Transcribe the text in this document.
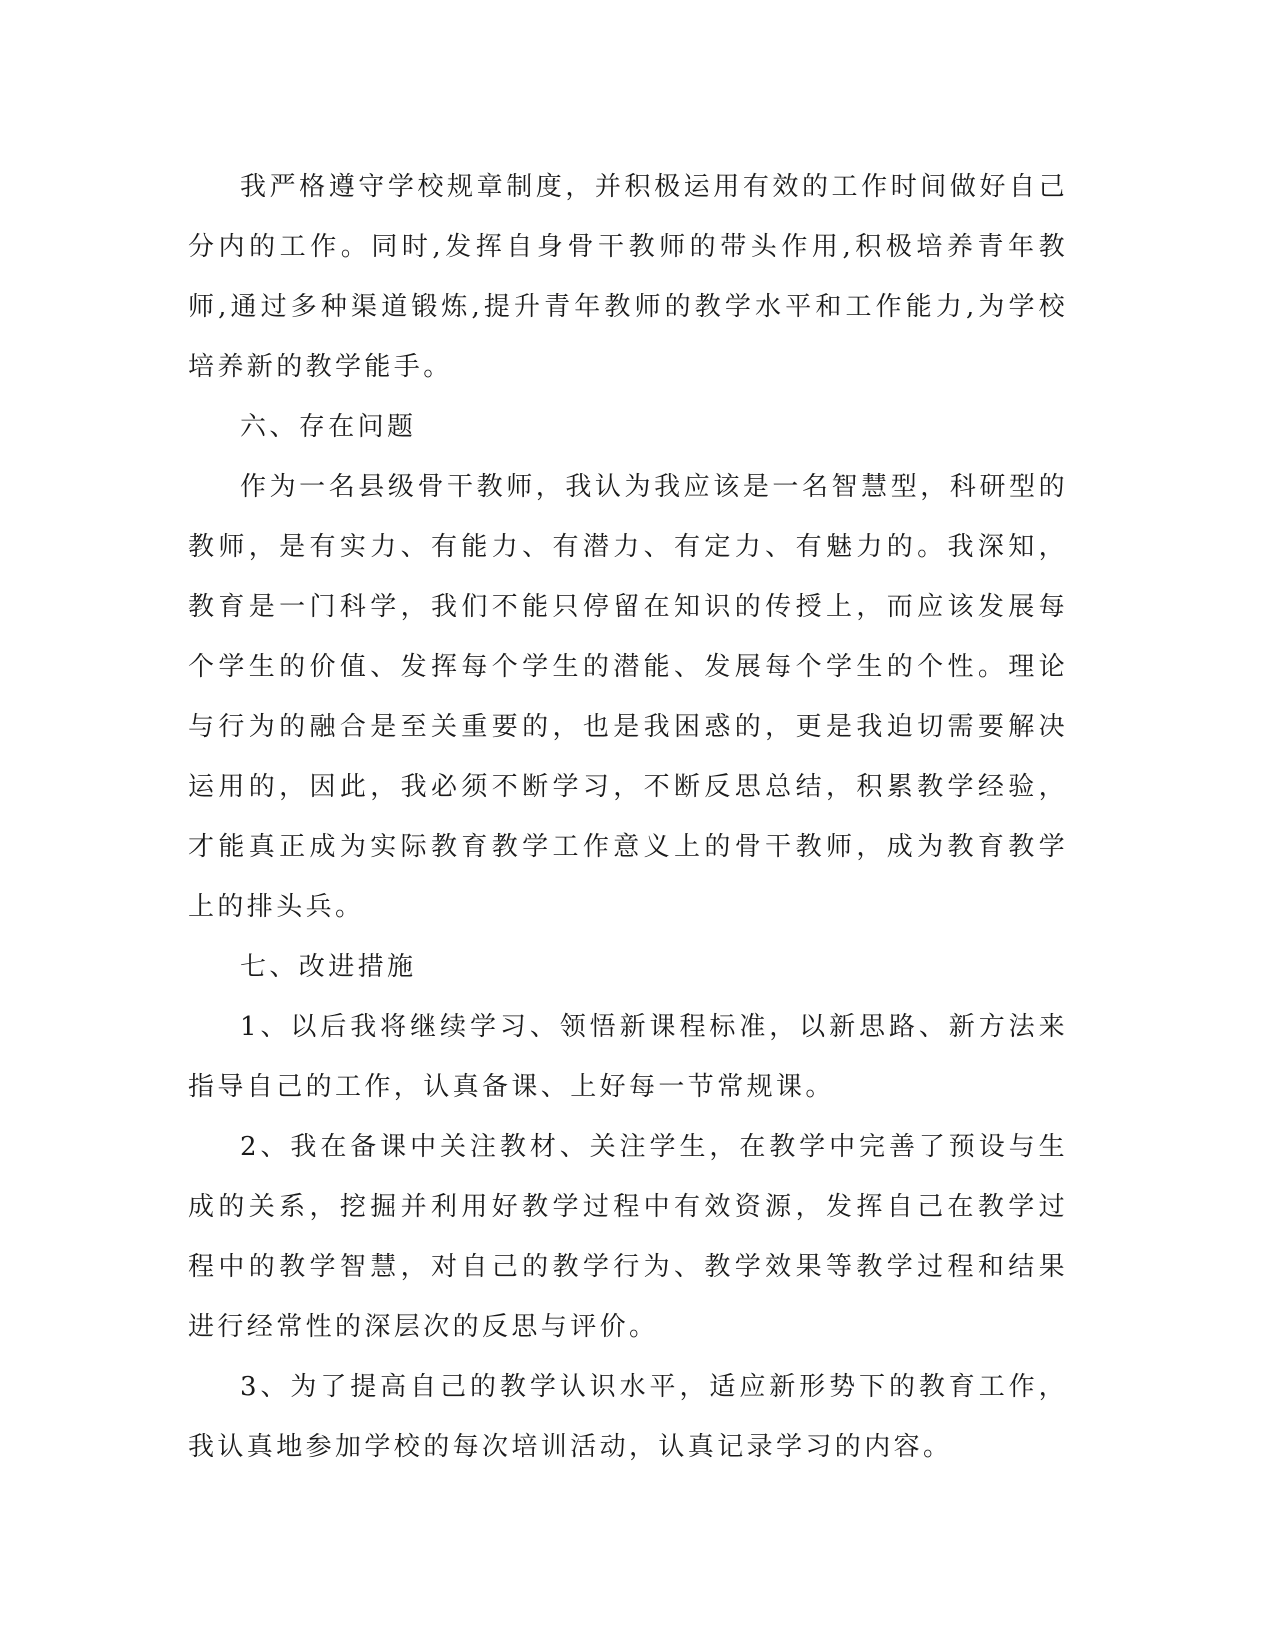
我严格遵守学校规章制度，并积极运用有效的工作时间做好自己分内的工作。同时,发挥自身骨干教师的带头作用,积极培养青年教师,通过多种渠道锻炼,提升青年教师的教学水平和工作能力,为学校培养新的教学能手。

六、存在问题

作为一名县级骨干教师，我认为我应该是一名智慧型，科研型的教师，是有实力、有能力、有潜力、有定力、有魅力的。我深知，教育是一门科学，我们不能只停留在知识的传授上，而应该发展每个学生的价值、发挥每个学生的潜能、发展每个学生的个性。理论与行为的融合是至关重要的，也是我困惑的，更是我迫切需要解决运用的，因此，我必须不断学习，不断反思总结，积累教学经验，才能真正成为实际教育教学工作意义上的骨干教师，成为教育教学上的排头兵。

七、改进措施

1、以后我将继续学习、领悟新课程标准，以新思路、新方法来指导自己的工作，认真备课、上好每一节常规课。

2、我在备课中关注教材、关注学生，在教学中完善了预设与生成的关系，挖掘并利用好教学过程中有效资源，发挥自己在教学过程中的教学智慧，对自己的教学行为、教学效果等教学过程和结果进行经常性的深层次的反思与评价。

3、为了提高自己的教学认识水平，适应新形势下的教育工作，我认真地参加学校的每次培训活动，认真记录学习的内容。
